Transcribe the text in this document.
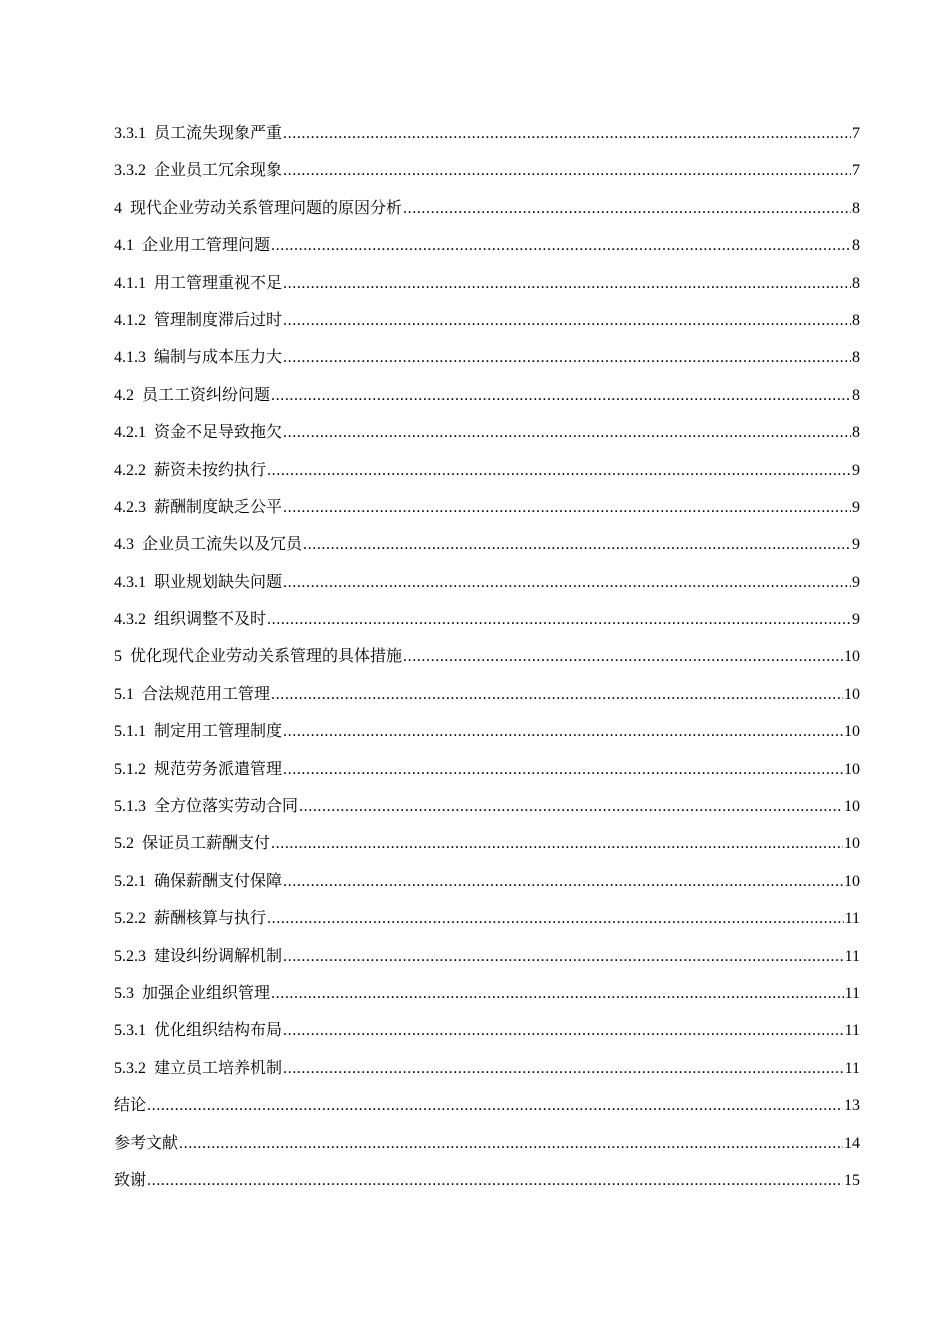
3.3.1 员工流失现象严重 .....	7
3.3.2 企业员工冗余现象 .....	7
4 现代企业劳动关系管理问题的原因分析 .....	8
4.1 企业用工管理问题 .....	8
4.1.1 用工管理重视不足 .....	8
4.1.2 管理制度滞后过时 .....	8
4.1.3 编制与成本压力大 .....	8
4.2 员工工资纠纷问题 .....	8
4.2.1 资金不足导致拖欠 .....	8
4.2.2 薪资未按约执行 .....	9
4.2.3 薪酬制度缺乏公平 .....	9
4.3 企业员工流失以及冗员 .....	9
4.3.1 职业规划缺失问题 .....	9
4.3.2 组织调整不及时 .....	9
5 优化现代企业劳动关系管理的具体措施 .....	10
5.1 合法规范用工管理 .....	10
5.1.1 制定用工管理制度 .....	10
5.1.2 规范劳务派遣管理 .....	10
5.1.3 全方位落实劳动合同 .....	10
5.2 保证员工薪酬支付 .....	10
5.2.1 确保薪酬支付保障 .....	10
5.2.2 薪酬核算与执行 .....	11
5.2.3 建设纠纷调解机制 .....	11
5.3 加强企业组织管理 .....	11
5.3.1 优化组织结构布局 .....	11
5.3.2 建立员工培养机制 .....	11
结论 .....	13
参考文献 .....	14
致谢 .....	15
